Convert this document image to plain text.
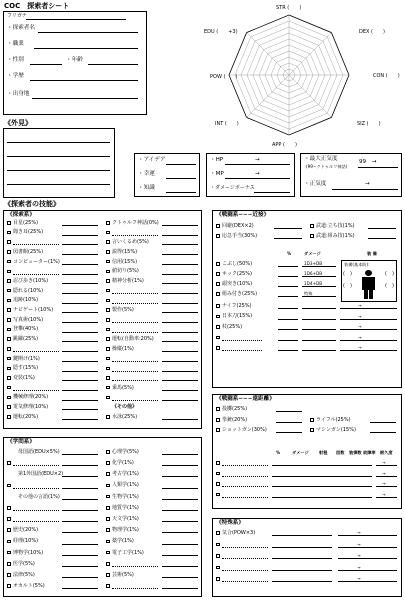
COC　探索者シート
フリガナ
・探索者名
・職業
・性別	・年齢
・学歴
・出身地
STR (　　)
DEX (　　)
CON (　　)
SIZ (　　)
APP (　　)
INT (　　)
POW (　　)
EDU (　　+3)
《外見》
・アイデア
・幸運
・知識
・HP	→
・MP	→
・ダメージボーナス
・最大正気度
(99−クトゥルフ神話)
99　→
・正気度	→
《探索者の技能》
《探索系》
目星(25%)
聞き耳(25%)
図書館(25%)
コンピューター(1%)
忍び歩き(10%)
隠れる(10%)
追跡(10%)
ナビゲート(10%)
写真術(10%)
登攀(40%)
跳躍(25%)
鍵開け(1%)
隠す(15%)
変装(1%)
機械修理(20%)
電気修理(10%)
運転(20%)
クトゥルフ神話(0%)
言いくるめ(5%)
説得(15%)
信用(15%)
値切り(5%)
精神分析(1%)
製作(5%)
運転(自動車:20%)
操縦(1%)
乗馬(5%)
《その他》
水泳(25%)
《学問系》
母国語(EDU×5%)
第1外国語(EDU×2)
その他の言語(1%)
歴史(20%)
経理(10%)
博物学(10%)
医学(5%)
法律(5%)
オカルト(5%)
心理学(5%)
化学(1%)
考古学(1%)
人類学(1%)
生物学(1%)
地質学(1%)
天文学(1%)
物理学(1%)
薬学(1%)
電子工学(1%)
芸術(5%)
《戦闘系−−−近接》
回避(DEX×2)	武道:立ち技(1%)
武道:組み技(1%)
応急手当(30%)
%	ダメージ	装 備
こぶし(50%)	1D3+DB
キック(25%)	1D6+DB
頭突き(10%)	1D4+DB
組み付き(25%)	特殊
装備(基本防):
(　)	(　)
(　)	(　)
ナイフ(25%)	→
日本刀(15%)	→
杖(25%)	→
→
→
《戦闘系−−−遠距離》
投擲(25%)
拳銃(20%)	ライフル(25%)
ショットガン(30%)	マシンガン(15%)
%	ダメージ 射程 回数 装弾数 故障率 耐久度
→
→
→
→
《特殊系》
気合(POW×3)	→
→
→
→
→
